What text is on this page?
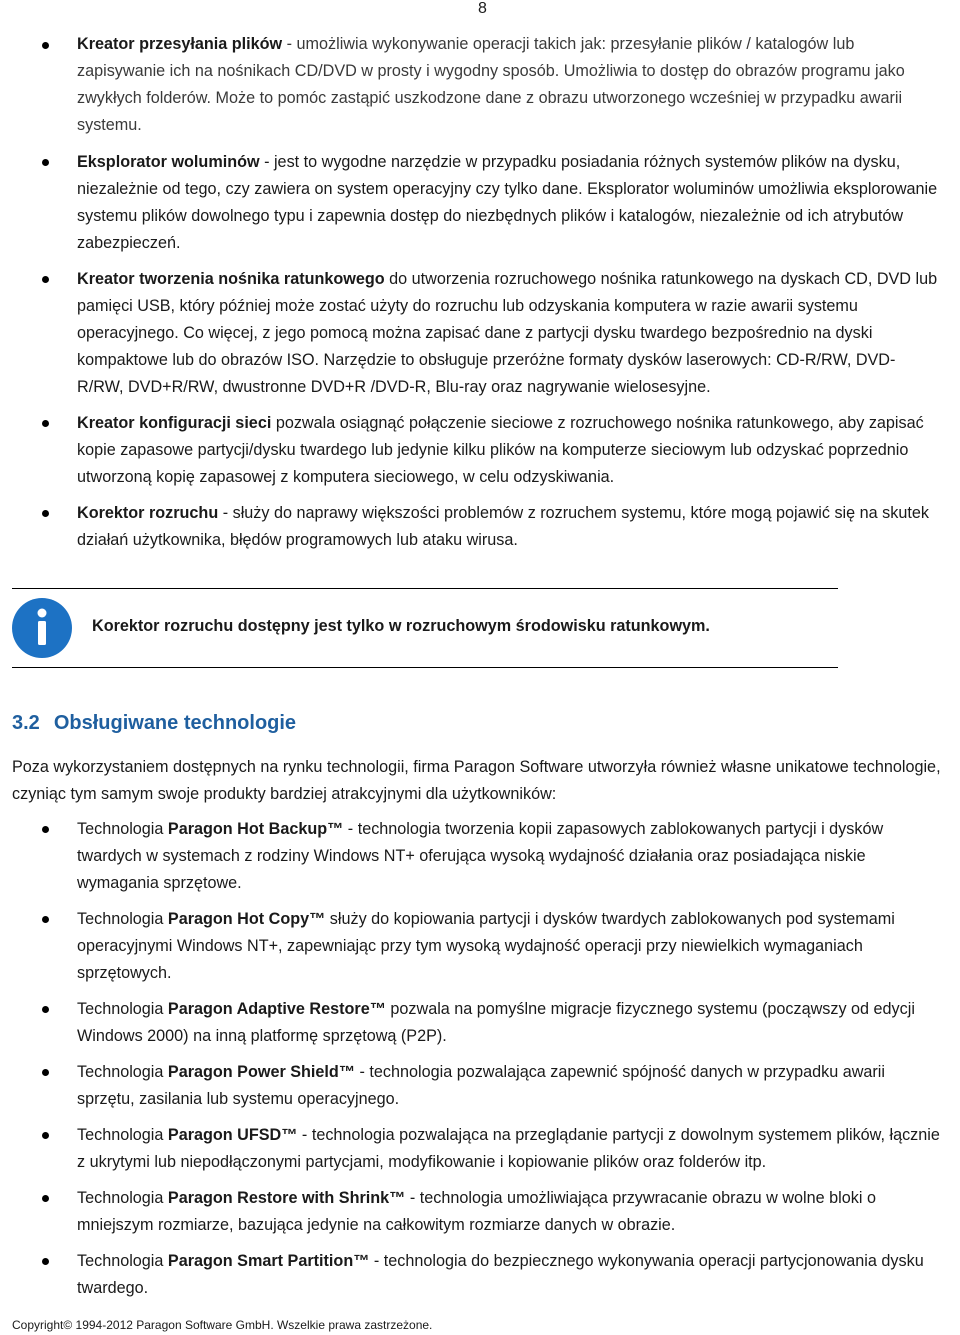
8
Kreator przesyłania plików - umożliwia wykonywanie operacji takich jak: przesyłanie plików / katalogów lub zapisywanie ich na nośnikach CD/DVD w prosty i wygodny sposób. Umożliwia to dostęp do obrazów programu jako zwykłych folderów. Może to pomóc zastąpić uszkodzone dane z obrazu utworzonego wcześniej w przypadku awarii systemu.
Eksplorator woluminów - jest to wygodne narzędzie w przypadku posiadania różnych systemów plików na dysku, niezależnie od tego, czy zawiera on system operacyjny czy tylko dane. Eksplorator woluminów umożliwia eksplorowanie systemu plików dowolnego typu i zapewnia dostęp do niezbędnych plików i katalogów, niezależnie od ich atrybutów zabezpieczeń.
Kreator tworzenia nośnika ratunkowego do utworzenia rozruchowego nośnika ratunkowego na dyskach CD, DVD lub pamięci USB, który później może zostać użyty do rozruchu lub odzyskania komputera w razie awarii systemu operacyjnego. Co więcej, z jego pomocą można zapisać dane z partycji dysku twardego bezpośrednio na dyski kompaktowe lub do obrazów ISO. Narzędzie to obsługuje przeróżne formaty dysków laserowych: CD-R/RW, DVD-R/RW, DVD+R/RW, dwustronne DVD+R /DVD-R, Blu-ray oraz nagrywanie wielosesyjne.
Kreator konfiguracji sieci pozwala osiągnąć połączenie sieciowe z rozruchowego nośnika ratunkowego, aby zapisać kopie zapasowe partycji/dysku twardego lub jedynie kilku plików na komputerze sieciowym lub odzyskać poprzednio utworzoną kopię zapasowej z komputera sieciowego, w celu odzyskiwania.
Korektor rozruchu - służy do naprawy większości problemów z rozruchem systemu, które mogą pojawić się na skutek działań użytkownika, błędów programowych lub ataku wirusa.
Korektor rozruchu dostępny jest tylko w rozruchowym środowisku ratunkowym.
3.2 Obsługiwane technologie
Poza wykorzystaniem dostępnych na rynku technologii, firma Paragon Software utworzyła również własne unikatowe technologie, czyniąc tym samym swoje produkty bardziej atrakcyjnymi dla użytkowników:
Technologia Paragon Hot Backup™ - technologia tworzenia kopii zapasowych zablokowanych partycji i dysków twardych w systemach z rodziny Windows NT+ oferująca wysoką wydajność działania oraz posiadająca niskie wymagania sprzętowe.
Technologia Paragon Hot Copy™ służy do kopiowania partycji i dysków twardych zablokowanych pod systemami operacyjnymi Windows NT+, zapewniając przy tym wysoką wydajność operacji przy niewielkich wymaganiach sprzętowych.
Technologia Paragon Adaptive Restore™ pozwala na pomyślne migracje fizycznego systemu (począwszy od edycji Windows 2000) na inną platformę sprzętową (P2P).
Technologia Paragon Power Shield™ - technologia pozwalająca zapewnić spójność danych w przypadku awarii sprzętu, zasilania lub systemu operacyjnego.
Technologia Paragon UFSD™ - technologia pozwalająca na przeglądanie partycji z dowolnym systemem plików, łącznie z ukrytymi lub niepodłączonymi partycjami, modyfikowanie i kopiowanie plików oraz folderów itp.
Technologia Paragon Restore with Shrink™ - technologia umożliwiająca przywracanie obrazu w wolne bloki o mniejszym rozmiarze, bazująca jedynie na całkowitym rozmiarze danych w obrazie.
Technologia Paragon Smart Partition™ - technologia do bezpiecznego wykonywania operacji partycjonowania dysku twardego.
Copyright© 1994-2012 Paragon Software GmbH. Wszelkie prawa zastrzeżone.
